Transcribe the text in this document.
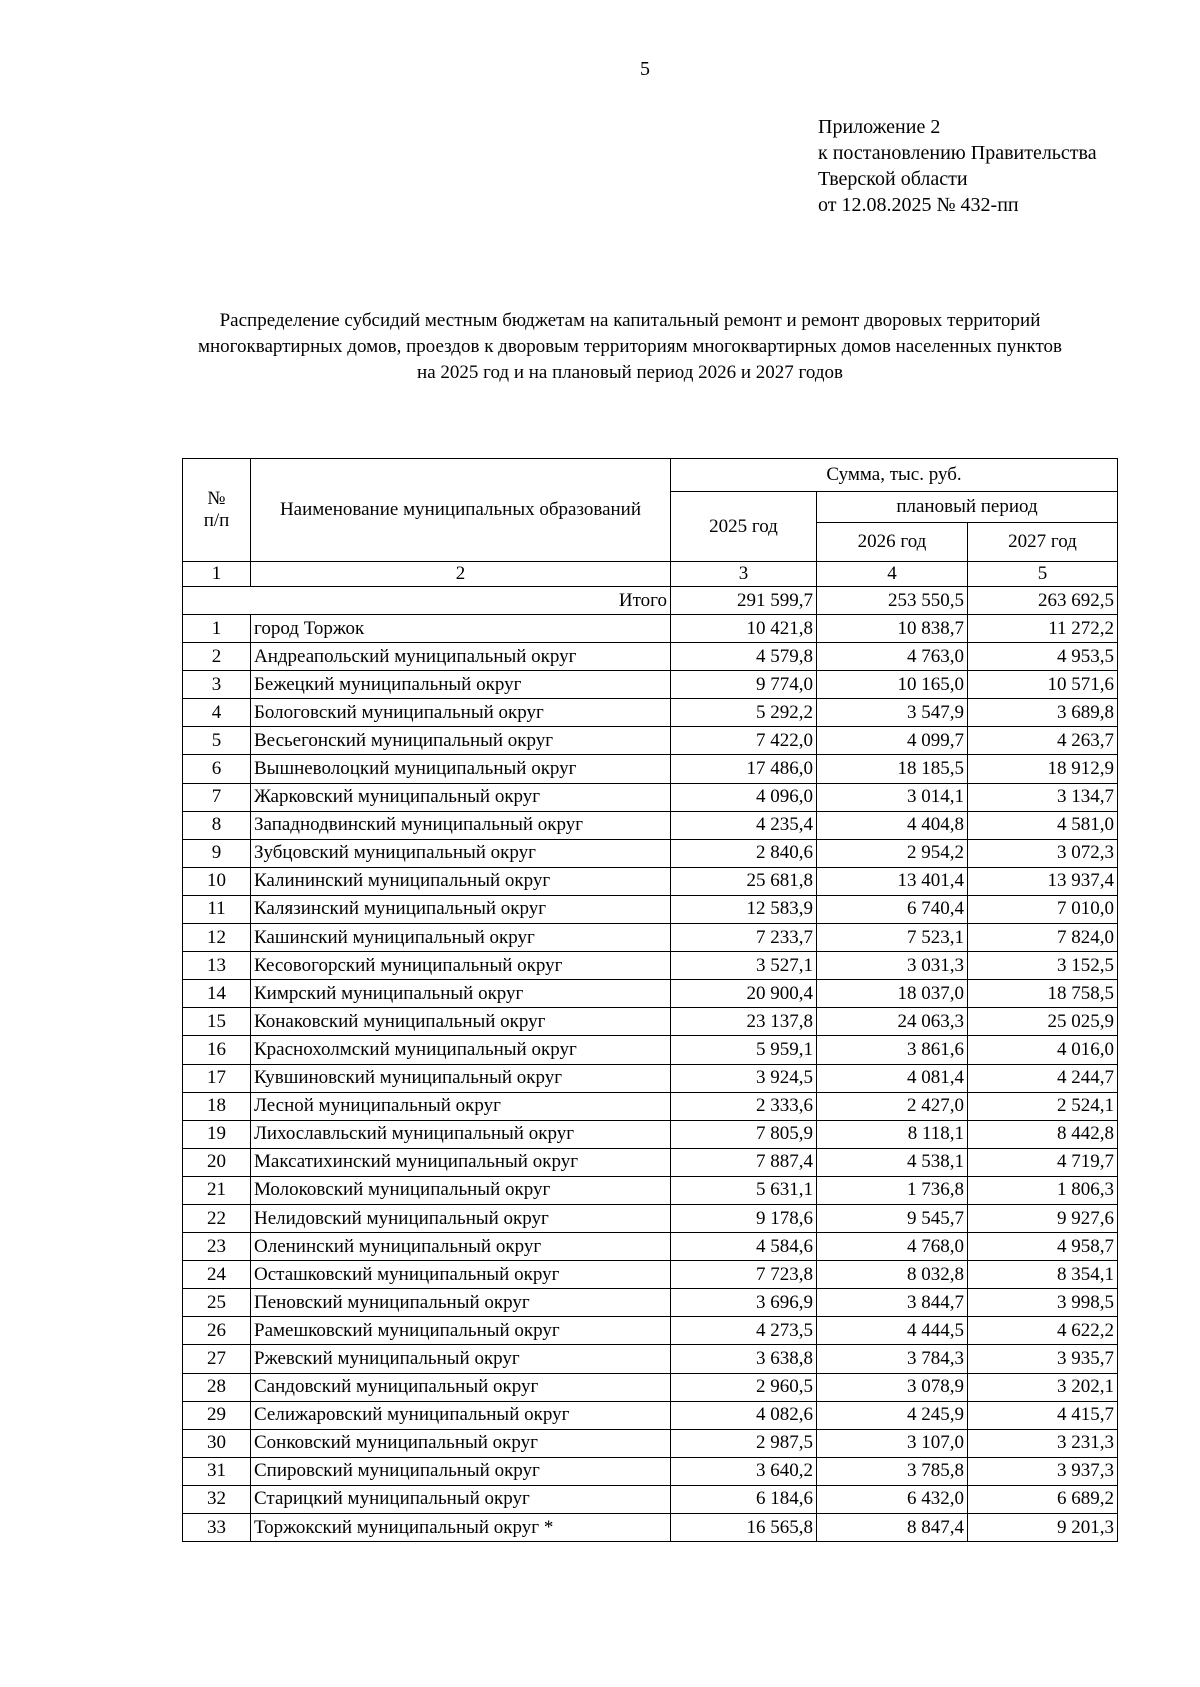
5
Приложение 2
к постановлению Правительства
Тверской области
от 12.08.2025 № 432-пп
Распределение субсидий местным бюджетам на капитальный ремонт и ремонт дворовых территорий
многоквартирных домов, проездов к дворовым территориям многоквартирных домов населенных пунктов
на 2025 год и на плановый период 2026 и 2027 годов
№
п/п	Наименование муниципальных образований	Сумма, тыс. руб.		
		2025 год	плановый период	
			2026 год	2027 год
1	2	3	4	5
Итого		291 599,7	253 550,5	263 692,5
1	город Торжок	10 421,8	10 838,7	11 272,2
2	Андреапольский муниципальный округ	4 579,8	4 763,0	4 953,5
3	Бежецкий муниципальный округ	9 774,0	10 165,0	10 571,6
4	Бологовский муниципальный округ	5 292,2	3 547,9	3 689,8
5	Весьегонский муниципальный округ	7 422,0	4 099,7	4 263,7
6	Вышневолоцкий муниципальный округ	17 486,0	18 185,5	18 912,9
7	Жарковский муниципальный округ	4 096,0	3 014,1	3 134,7
8	Западнодвинский муниципальный округ	4 235,4	4 404,8	4 581,0
9	Зубцовский муниципальный округ	2 840,6	2 954,2	3 072,3
10	Калининский муниципальный округ	25 681,8	13 401,4	13 937,4
11	Калязинский муниципальный округ	12 583,9	6 740,4	7 010,0
12	Кашинский муниципальный округ	7 233,7	7 523,1	7 824,0
13	Кесовогорский муниципальный округ	3 527,1	3 031,3	3 152,5
14	Кимрский муниципальный округ	20 900,4	18 037,0	18 758,5
15	Конаковский муниципальный округ	23 137,8	24 063,3	25 025,9
16	Краснохолмский муниципальный округ	5 959,1	3 861,6	4 016,0
17	Кувшиновский муниципальный округ	3 924,5	4 081,4	4 244,7
18	Лесной муниципальный округ	2 333,6	2 427,0	2 524,1
19	Лихославльский муниципальный округ	7 805,9	8 118,1	8 442,8
20	Максатихинский муниципальный округ	7 887,4	4 538,1	4 719,7
21	Молоковский муниципальный округ	5 631,1	1 736,8	1 806,3
22	Нелидовский муниципальный округ	9 178,6	9 545,7	9 927,6
23	Оленинский муниципальный округ	4 584,6	4 768,0	4 958,7
24	Осташковский муниципальный округ	7 723,8	8 032,8	8 354,1
25	Пеновский муниципальный округ	3 696,9	3 844,7	3 998,5
26	Рамешковский муниципальный округ	4 273,5	4 444,5	4 622,2
27	Ржевский муниципальный округ	3 638,8	3 784,3	3 935,7
28	Сандовский муниципальный округ	2 960,5	3 078,9	3 202,1
29	Селижаровский муниципальный округ	4 082,6	4 245,9	4 415,7
30	Сонковский муниципальный округ	2 987,5	3 107,0	3 231,3
31	Спировский муниципальный округ	3 640,2	3 785,8	3 937,3
32	Старицкий муниципальный округ	6 184,6	6 432,0	6 689,2
33	Торжокский муниципальный округ *	16 565,8	8 847,4	9 201,3
